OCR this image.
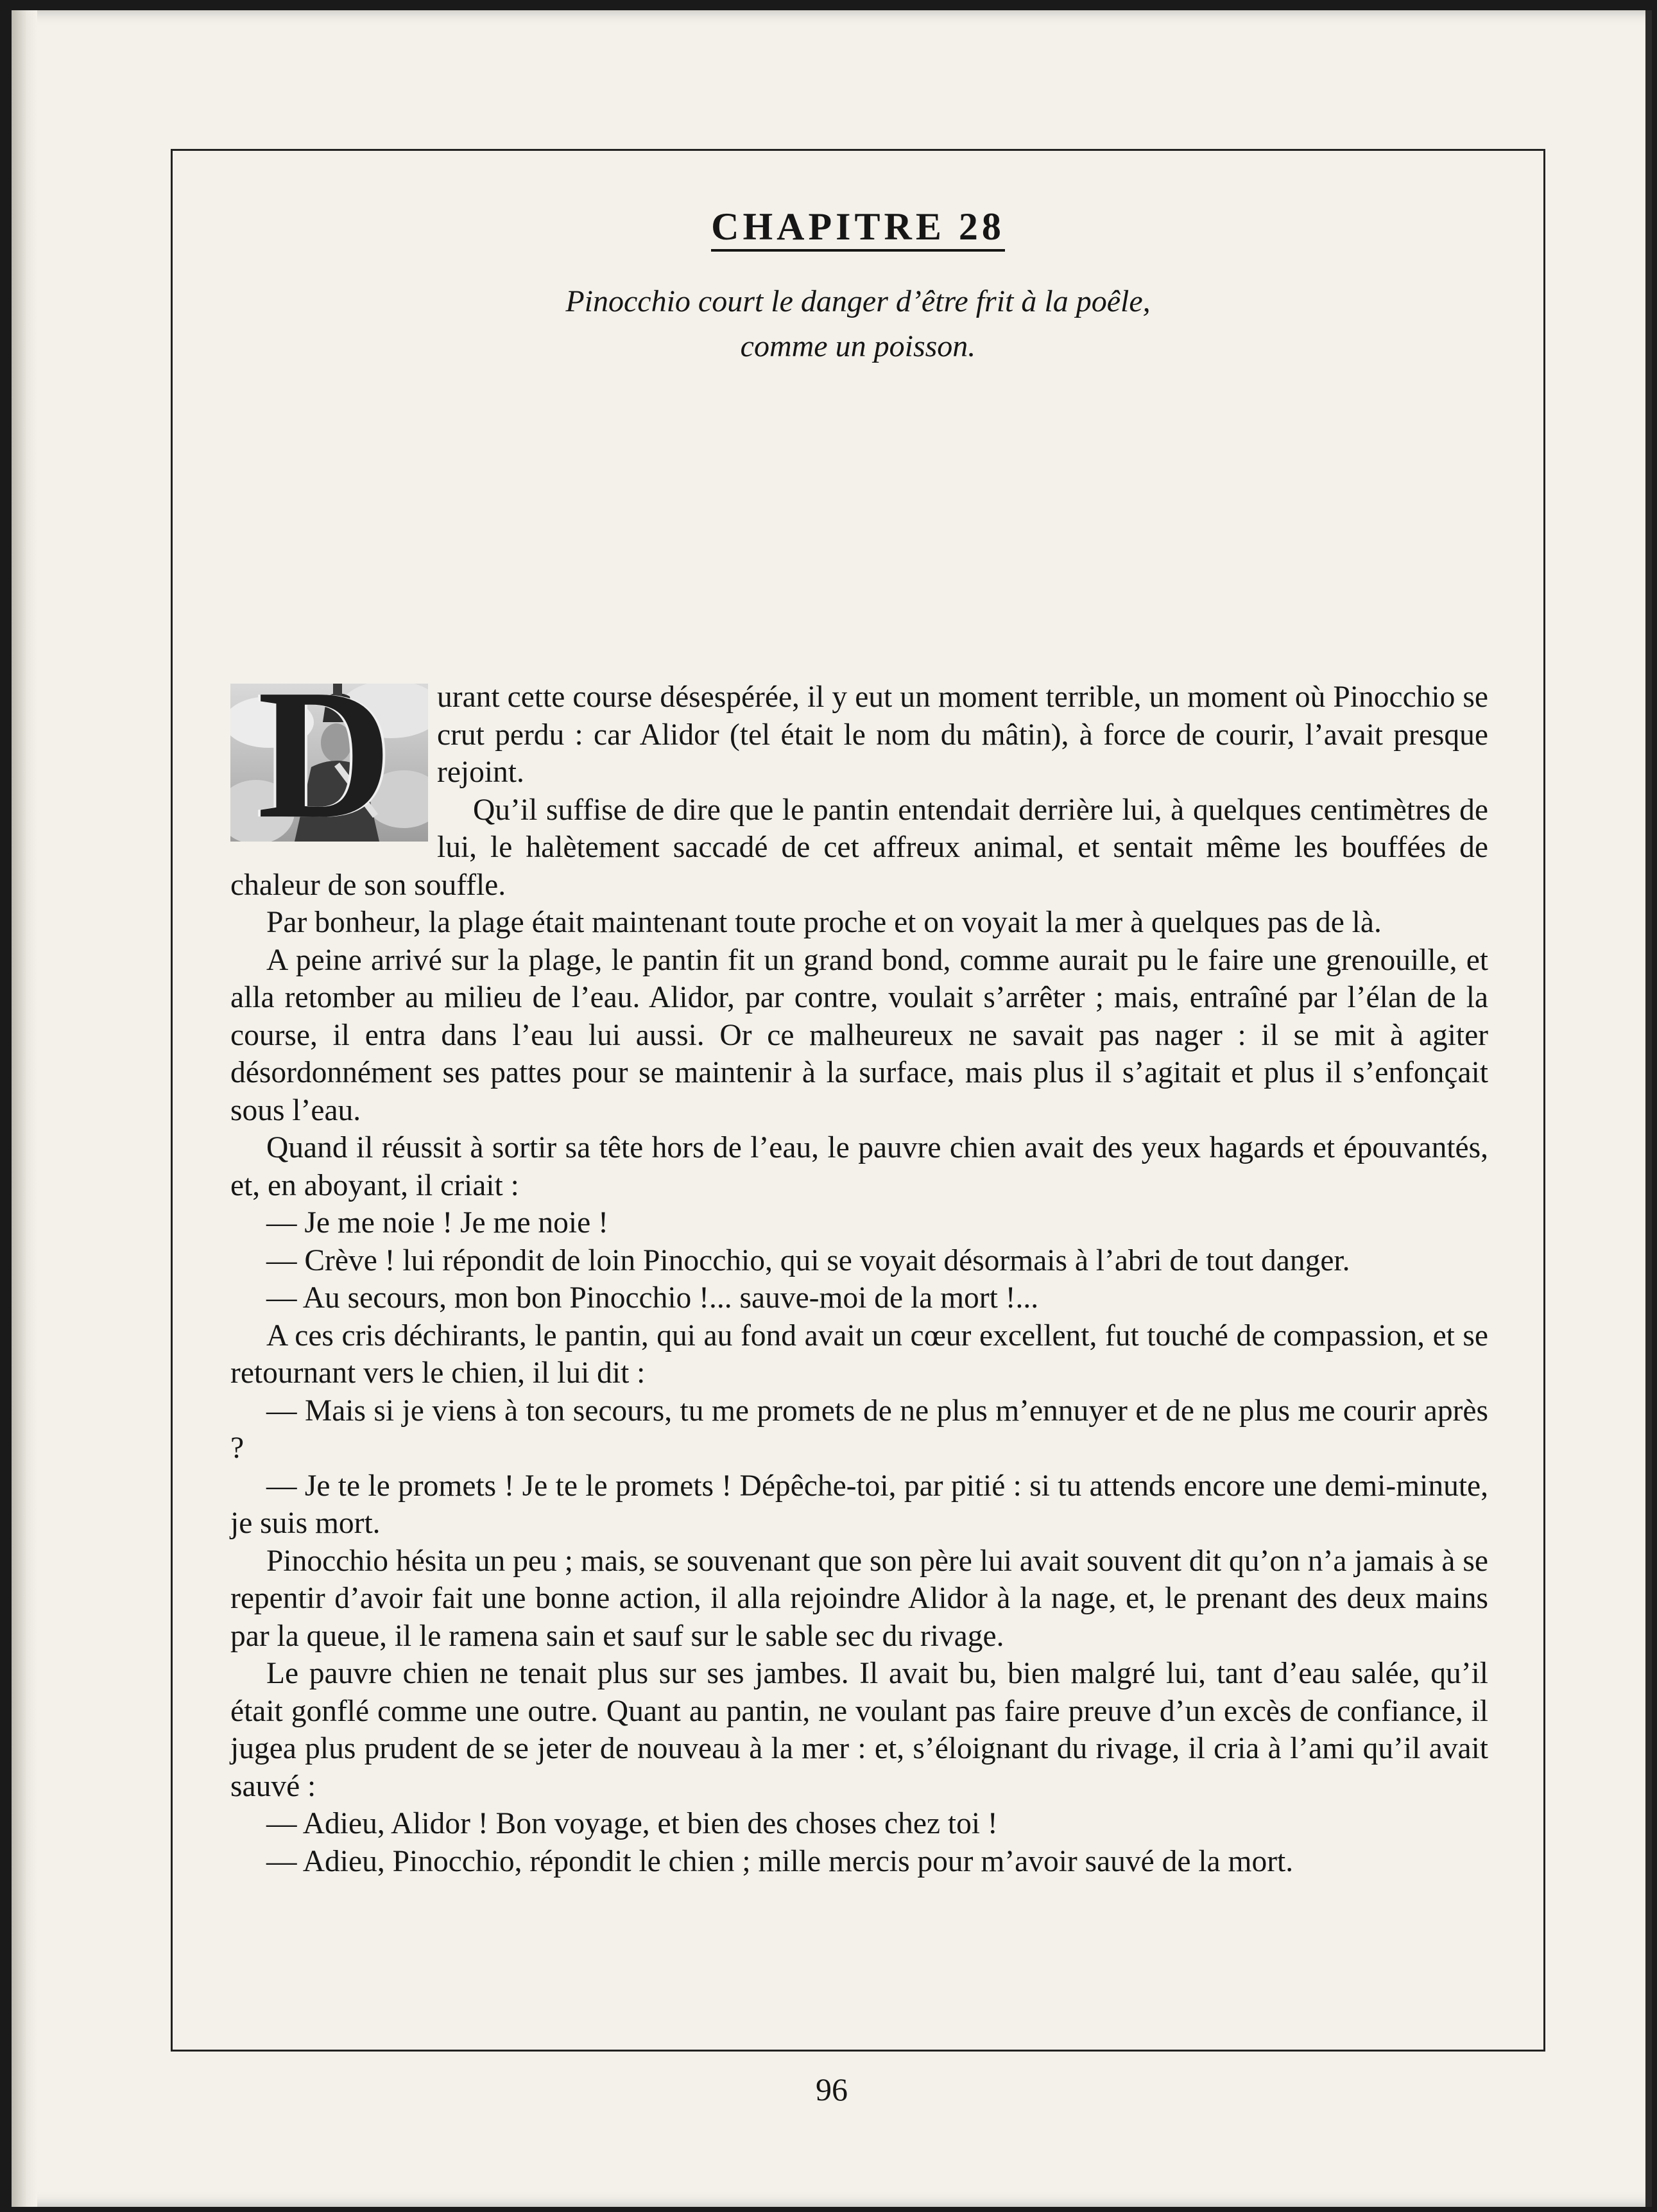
CHAPITRE 28
Pinocchio court le danger d’être frit à la poêle,
comme un poisson.
D	urant cette course désespérée, il y eut un moment terrible, un moment où Pinocchio se crut perdu : car Alidor (tel était le nom du mâtin), à force de courir, l’avait presque rejoint.

Qu’il suffise de dire que le pantin entendait derrière lui, à quelques centimètres de lui, le halètement saccadé de cet affreux animal, et sentait même les bouffées de chaleur de son souffle.

Par bonheur, la plage était maintenant toute proche et on voyait la mer à quelques pas de là.

A peine arrivé sur la plage, le pantin fit un grand bond, comme aurait pu le faire une grenouille, et alla retomber au milieu de l’eau. Alidor, par contre, voulait s’arrêter ; mais, entraîné par l’élan de la course, il entra dans l’eau lui aussi. Or ce malheureux ne savait pas nager : il se mit à agiter désordonnément ses pattes pour se maintenir à la surface, mais plus il s’agitait et plus il s’enfonçait sous l’eau.

Quand il réussit à sortir sa tête hors de l’eau, le pauvre chien avait des yeux hagards et épouvantés, et, en aboyant, il criait :

— Je me noie ! Je me noie !

— Crève ! lui répondit de loin Pinocchio, qui se voyait désormais à l’abri de tout danger.

— Au secours, mon bon Pinocchio !... sauve-moi de la mort !...

A ces cris déchirants, le pantin, qui au fond avait un cœur excellent, fut touché de compassion, et se retournant vers le chien, il lui dit :

— Mais si je viens à ton secours, tu me promets de ne plus m’ennuyer et de ne plus me courir après ?

— Je te le promets ! Je te le promets ! Dépêche-toi, par pitié : si tu attends encore une demi-minute, je suis mort.

Pinocchio hésita un peu ; mais, se souvenant que son père lui avait souvent dit qu’on n’a jamais à se repentir d’avoir fait une bonne action, il alla rejoindre Alidor à la nage, et, le prenant des deux mains par la queue, il le ramena sain et sauf sur le sable sec du rivage.

Le pauvre chien ne tenait plus sur ses jambes. Il avait bu, bien malgré lui, tant d’eau salée, qu’il était gonflé comme une outre. Quant au pantin, ne voulant pas faire preuve d’un excès de confiance, il jugea plus prudent de se jeter de nouveau à la mer : et, s’éloignant du rivage, il cria à l’ami qu’il avait sauvé :

— Adieu, Alidor ! Bon voyage, et bien des choses chez toi !

— Adieu, Pinocchio, répondit le chien ; mille mercis pour m’avoir sauvé de la mort.

96
